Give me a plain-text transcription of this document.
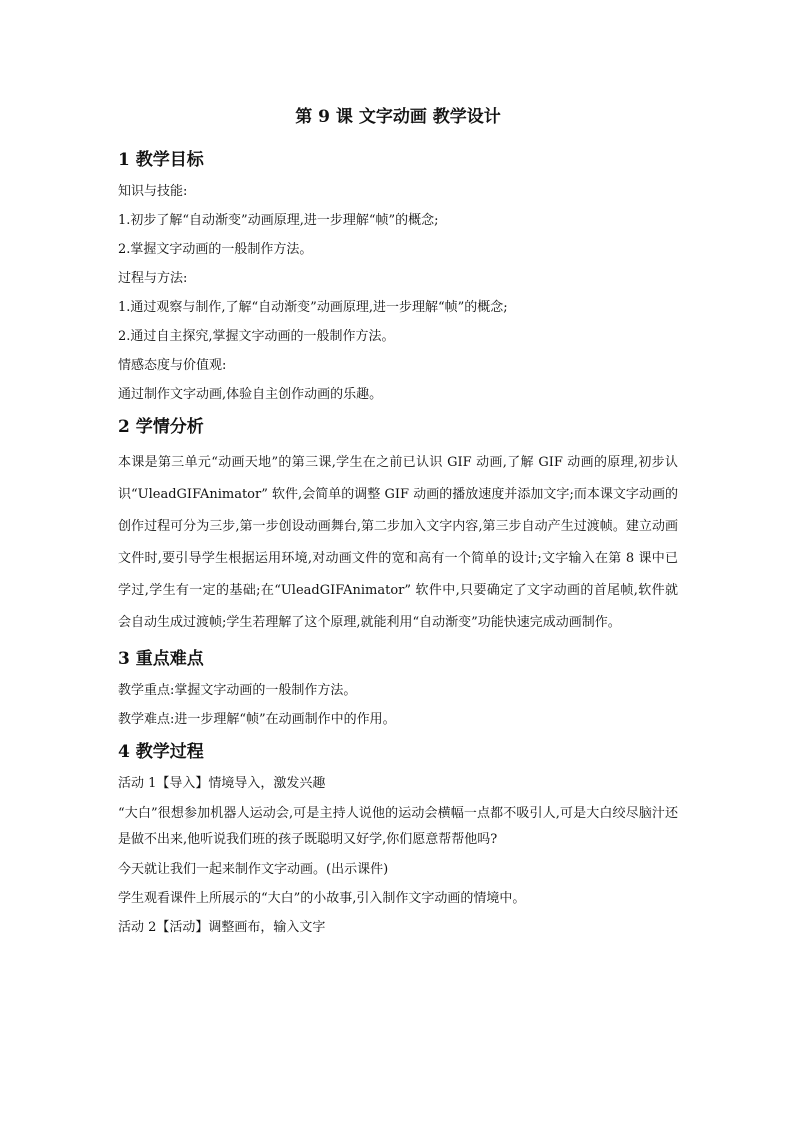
第 9 课 文字动画 教学设计
1 教学目标

知识与技能:

1.初步了解“自动渐变”动画原理,进一步理解“帧”的概念;

2.掌握文字动画的一般制作方法。

过程与方法:

1.通过观察与制作,了解“自动渐变”动画原理,进一步理解“帧”的概念;

2.通过自主探究,掌握文字动画的一般制作方法。

情感态度与价值观:

通过制作文字动画,体验自主创作动画的乐趣。

2 学情分析

本课是第三单元“动画天地”的第三课,学生在之前已认识 GIF 动画,了解 GIF 动画的原理,初步认识“UleadGIFAnimator” 软件,会简单的调整 GIF 动画的播放速度并添加文字;而本课文字动画的创作过程可分为三步,第一步创设动画舞台,第二步加入文字内容,第三步自动产生过渡帧。建立动画文件时,要引导学生根据运用环境,对动画文件的宽和高有一个简单的设计;文字输入在第 8 课中已学过,学生有一定的基础;在“UleadGIFAnimator” 软件中,只要确定了文字动画的首尾帧,软件就会自动生成过渡帧;学生若理解了这个原理,就能利用“自动渐变”功能快速完成动画制作。

3 重点难点

教学重点:掌握文字动画的一般制作方法。

教学难点:进一步理解“帧”在动画制作中的作用。

4 教学过程

活动 1【导入】情境导入，激发兴趣

“大白”很想参加机器人运动会,可是主持人说他的运动会横幅一点都不吸引人,可是大白绞尽脑汁还是做不出来,他听说我们班的孩子既聪明又好学,你们愿意帮帮他吗?

今天就让我们一起来制作文字动画。(出示课件)

学生观看课件上所展示的“大白”的小故事,引入制作文字动画的情境中。

活动 2【活动】调整画布，输入文字
